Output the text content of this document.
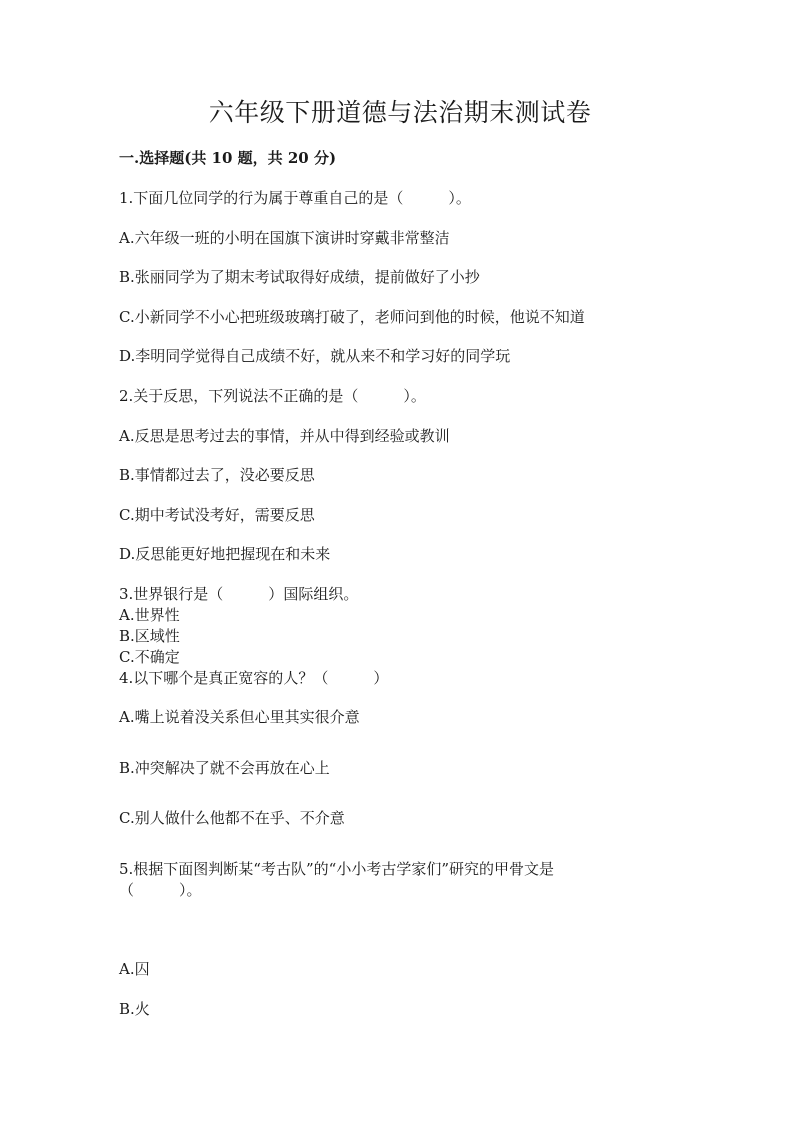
六年级下册道德与法治期末测试卷
一.选择题(共 10 题，共 20 分)
1.下面几位同学的行为属于尊重自己的是（　　　）。
A.六年级一班的小明在国旗下演讲时穿戴非常整洁
B.张丽同学为了期末考试取得好成绩，提前做好了小抄
C.小新同学不小心把班级玻璃打破了，老师问到他的时候，他说不知道
D.李明同学觉得自己成绩不好，就从来不和学习好的同学玩
2.关于反思，下列说法不正确的是（　　　）。
A.反思是思考过去的事情，并从中得到经验或教训
B.事情都过去了，没必要反思
C.期中考试没考好，需要反思
D.反思能更好地把握现在和未来
3.世界银行是（　　　）国际组织。
A.世界性
B.区域性
C.不确定
4.以下哪个是真正宽容的人？（　　　）
A.嘴上说着没关系但心里其实很介意
B.冲突解决了就不会再放在心上
C.别人做什么他都不在乎、不介意
5.根据下面图判断某“考古队”的“小小考古学家们”研究的甲骨文是
（　　　）。
A.囚
B.火
